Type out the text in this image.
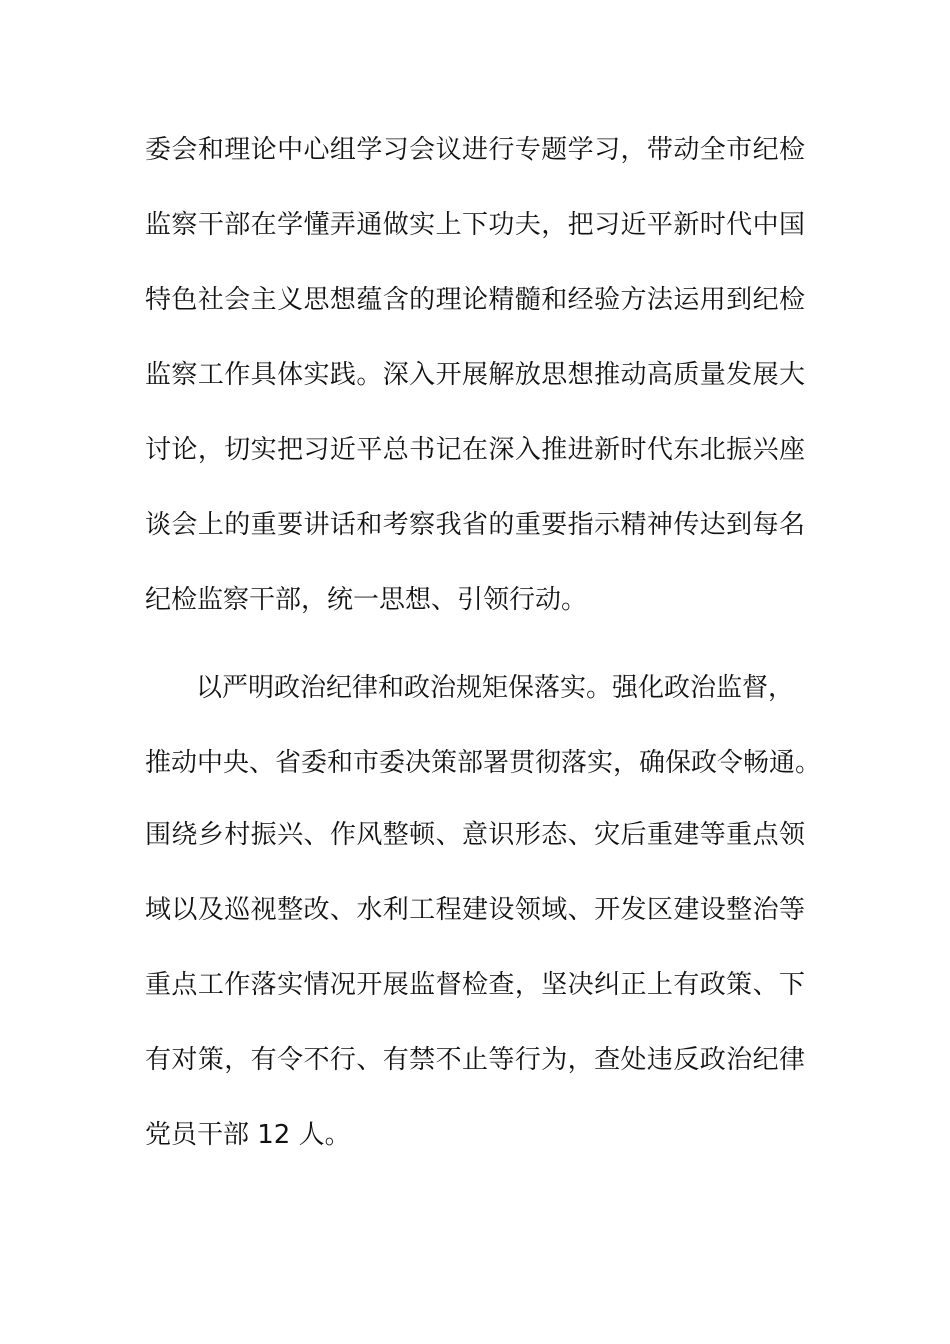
委会和理论中心组学习会议进行专题学习，带动全市纪检
监察干部在学懂弄通做实上下功夫，把习近平新时代中国
特色社会主义思想蕴含的理论精髓和经验方法运用到纪检
监察工作具体实践。深入开展解放思想推动高质量发展大
讨论，切实把习近平总书记在深入推进新时代东北振兴座
谈会上的重要讲话和考察我省的重要指示精神传达到每名
纪检监察干部，统一思想、引领行动。
以严明政治纪律和政治规矩保落实。强化政治监督，
推动中央、省委和市委决策部署贯彻落实，确保政令畅通。
围绕乡村振兴、作风整顿、意识形态、灾后重建等重点领
域以及巡视整改、水利工程建设领域、开发区建设整治等
重点工作落实情况开展监督检查，坚决纠正上有政策、下
有对策，有令不行、有禁不止等行为，查处违反政治纪律
党员干部 12 人。
